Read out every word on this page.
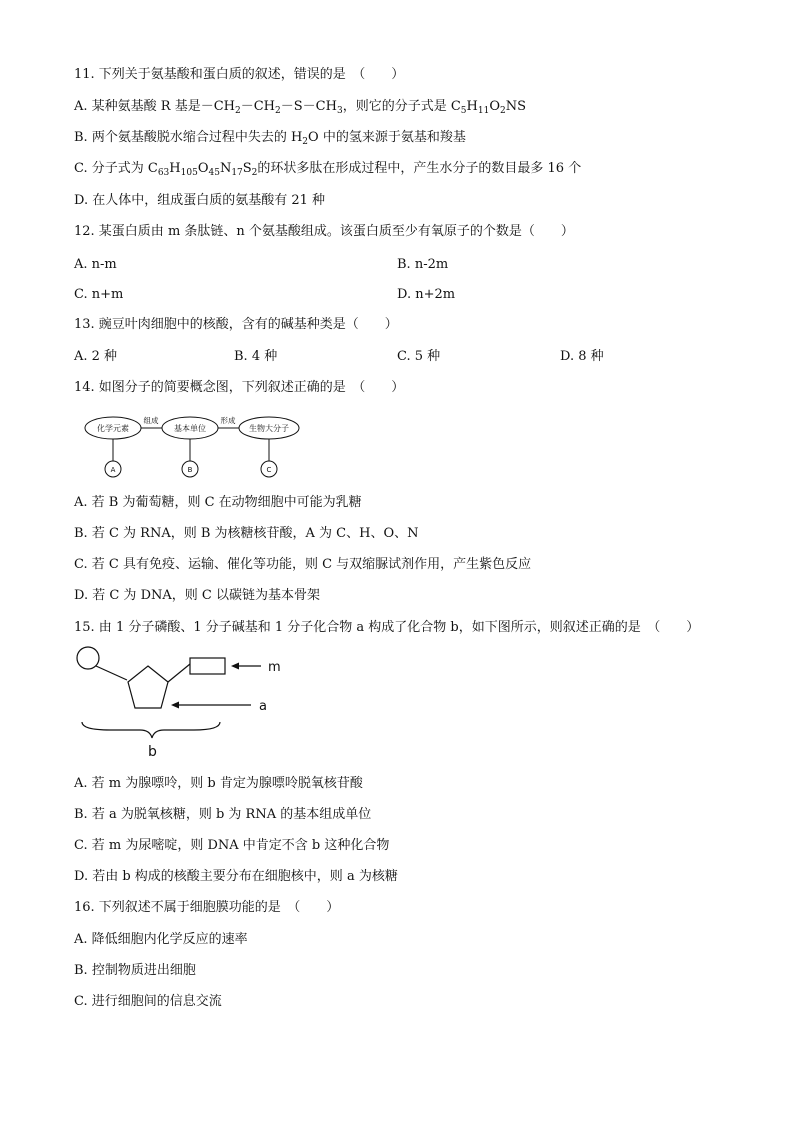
11. 下列关于氨基酸和蛋白质的叙述，错误的是　（　　）
A. 某种氨基酸 R 基是$-CH_2-CH_2-S-CH_3$，则它的分子式是 $C_5H_{11}O_2NS$
B. 两个氨基酸脱水缩合过程中失去的 $H_2O$ 中的氢来源于氨基和羧基
C. 分子式为 $C_{63}H_{105}O_{45}N_{17}S_2$的环状多肽在形成过程中，产生水分子的数目最多 16 个
D. 在人体中，组成蛋白质的氨基酸有 21 种
12. 某蛋白质由 m 条肽链、n 个氨基酸组成。该蛋白质至少有氧原子的个数是（　　）
A. n-m	B. n-2m
C. n+m	D. n+2m
13. 豌豆叶肉细胞中的核酸，含有的碱基种类是（　　）
A. 2 种	B. 4 种	C. 5 种	D. 8 种
14. 如图分子的简要概念图，下列叙述正确的是　（　　）
化学元素	基本单位	生物大分子
组成	形成
A	B	C
A. 若 B 为葡萄糖，则 C 在动物细胞中可能为乳糖
B. 若 C 为 RNA，则 B 为核糖核苷酸，A 为 C、H、O、N
C. 若 C 具有免疫、运输、催化等功能，则 C 与双缩脲试剂作用，产生紫色反应
D. 若 C 为 DNA，则 C 以碳链为基本骨架
15. 由 1 分子磷酸、1 分子碱基和 1 分子化合物 a 构成了化合物 b，如下图所示，则叙述正确的是　（　　）
m
a
b
A. 若 m 为腺嘌呤，则 b 肯定为腺嘌呤脱氧核苷酸
B. 若 a 为脱氧核糖，则 b 为 RNA 的基本组成单位
C. 若 m 为尿嘧啶，则 DNA 中肯定不含 b 这种化合物
D. 若由 b 构成的核酸主要分布在细胞核中，则 a 为核糖
16. 下列叙述不属于细胞膜功能的是　（　　）
A. 降低细胞内化学反应的速率
B. 控制物质进出细胞
C. 进行细胞间的信息交流
